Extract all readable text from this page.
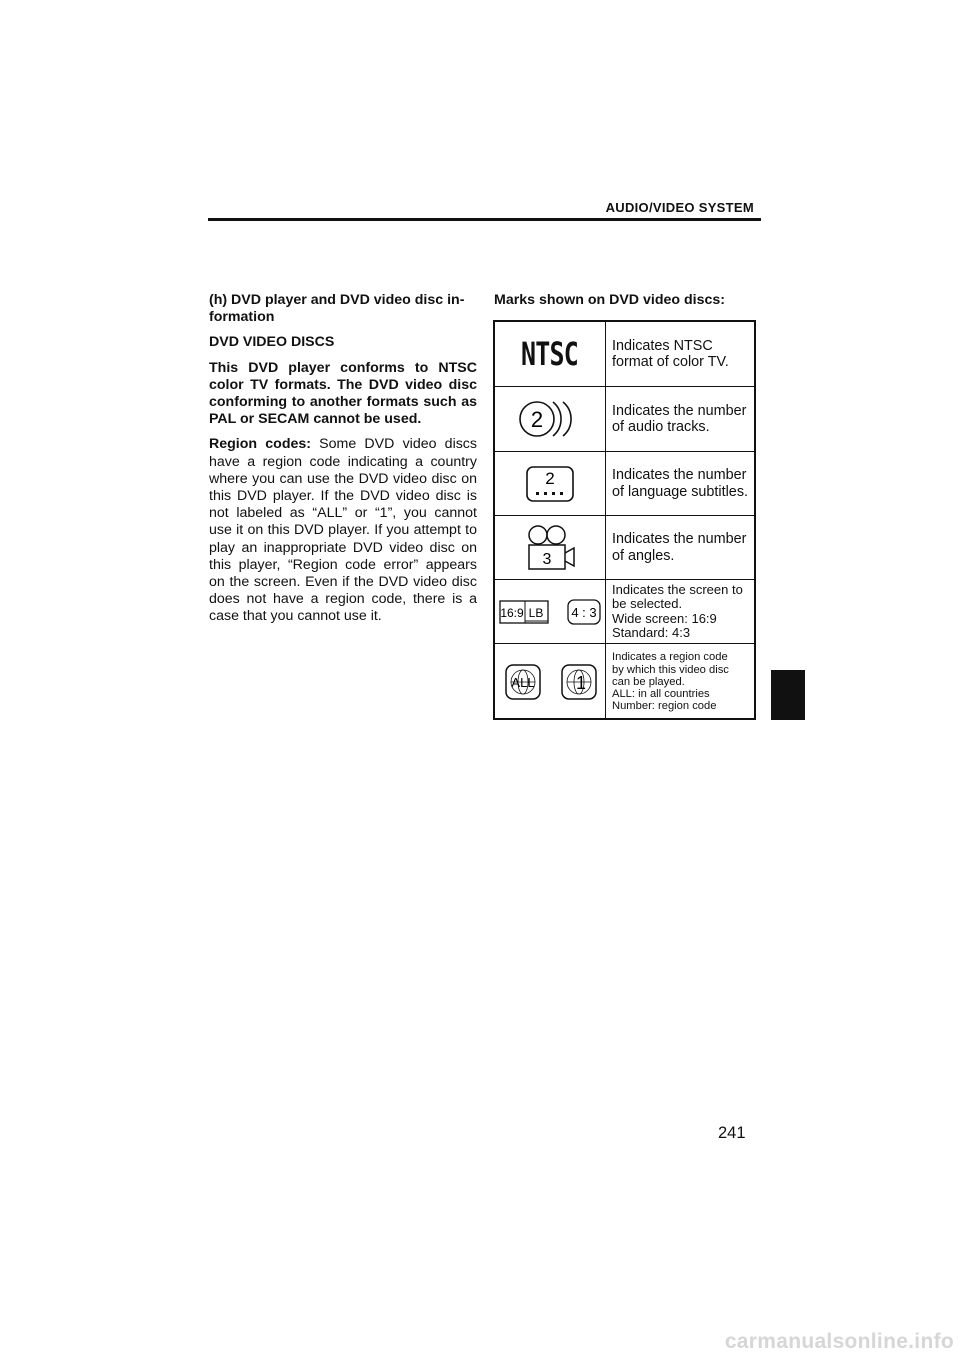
AUDIO/VIDEO SYSTEM

(h) DVD player and DVD video disc in-
formation

DVD VIDEO DISCS

This DVD player conforms to NTSC color TV formats. The DVD video disc conforming to another formats such as PAL or SECAM cannot be used.

Region codes: Some DVD video discs have a region code indicating a country where you can use the DVD video disc on this DVD player. If the DVD video disc is not labeled as “ALL” or “1”, you cannot use it on this DVD player. If you attempt to play an inappropriate DVD video disc on this player, “Region code error” appears on the screen. Even if the DVD video disc does not have a region code, there is a case that you cannot use it.

Marks shown on DVD video discs:
NTSC Indicates NTSC
format of color TV.
2	Indicates the number
of audio tracks.
2	Indicates the number
of language subtitles.
3
Indicates the number
of angles.
16:9 LB 4 : 3
Indicates the screen to
be selected.
Wide screen: 16:9
Standard: 4:3
ALL 1
Indicates a region code
by which this video disc
can be played.
ALL: in all countries
Number: region code
241
carmanualsonline.info
